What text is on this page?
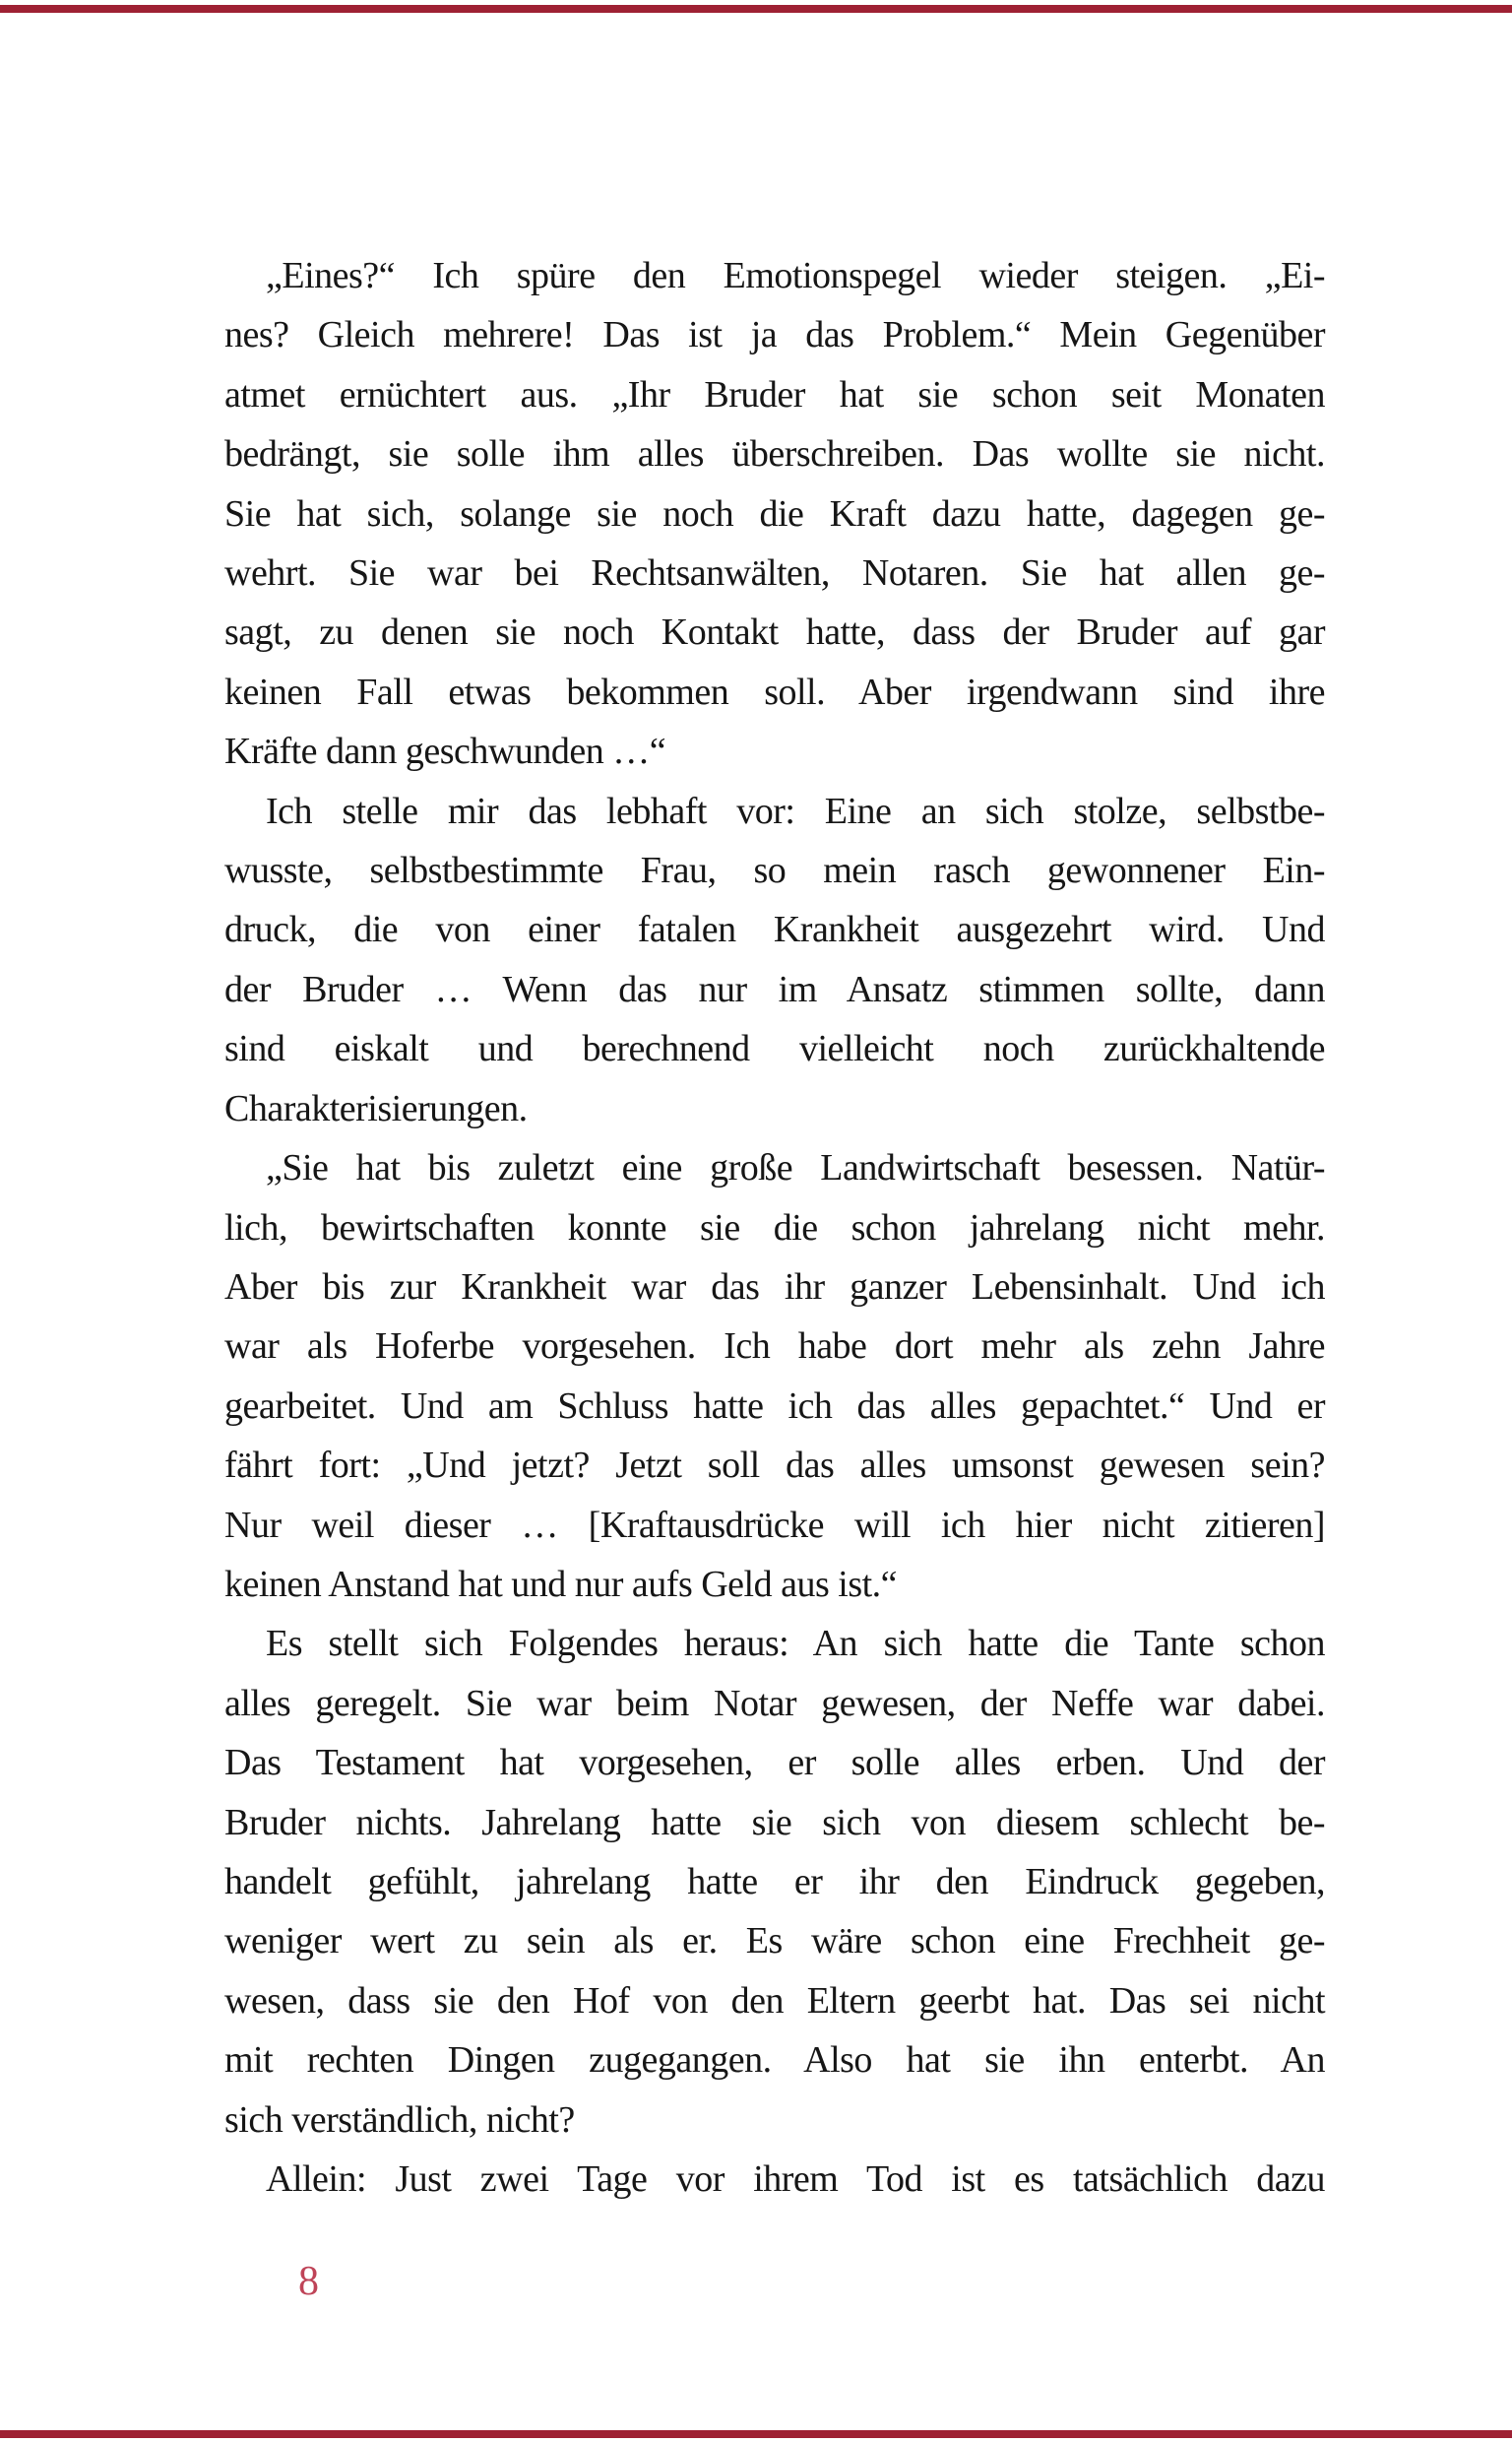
„Eines?“ Ich spüre den Emotionspegel wieder steigen. „Ei-
nes? Gleich mehrere! Das ist ja das Problem.“ Mein Gegenüber
atmet ernüchtert aus. „Ihr Bruder hat sie schon seit Monaten
bedrängt, sie solle ihm alles überschreiben. Das wollte sie nicht.
Sie hat sich, solange sie noch die Kraft dazu hatte, dagegen ge-
wehrt. Sie war bei Rechtsanwälten, Notaren. Sie hat allen ge-
sagt, zu denen sie noch Kontakt hatte, dass der Bruder auf gar
keinen Fall etwas bekommen soll. Aber irgendwann sind ihre
Kräfte dann geschwunden …“
Ich stelle mir das lebhaft vor: Eine an sich stolze, selbstbe-
wusste, selbstbestimmte Frau, so mein rasch gewonnener Ein-
druck, die von einer fatalen Krankheit ausgezehrt wird. Und
der Bruder … Wenn das nur im Ansatz stimmen sollte, dann
sind eiskalt und berechnend vielleicht noch zurückhaltende
Charakterisierungen.
„Sie hat bis zuletzt eine große Landwirtschaft besessen. Natür-
lich, bewirtschaften konnte sie die schon jahrelang nicht mehr.
Aber bis zur Krankheit war das ihr ganzer Lebensinhalt. Und ich
war als Hoferbe vorgesehen. Ich habe dort mehr als zehn Jahre
gearbeitet. Und am Schluss hatte ich das alles gepachtet.“ Und er
fährt fort: „Und jetzt? Jetzt soll das alles umsonst gewesen sein?
Nur weil dieser … [Kraftausdrücke will ich hier nicht zitieren]
keinen Anstand hat und nur aufs Geld aus ist.“
Es stellt sich Folgendes heraus: An sich hatte die Tante schon
alles geregelt. Sie war beim Notar gewesen, der Neffe war dabei.
Das Testament hat vorgesehen, er solle alles erben. Und der
Bruder nichts. Jahrelang hatte sie sich von diesem schlecht be-
handelt gefühlt, jahrelang hatte er ihr den Eindruck gegeben,
weniger wert zu sein als er. Es wäre schon eine Frechheit ge-
wesen, dass sie den Hof von den Eltern geerbt hat. Das sei nicht
mit rechten Dingen zugegangen. Also hat sie ihn enterbt. An
sich verständlich, nicht?
Allein: Just zwei Tage vor ihrem Tod ist es tatsächlich dazu
8
